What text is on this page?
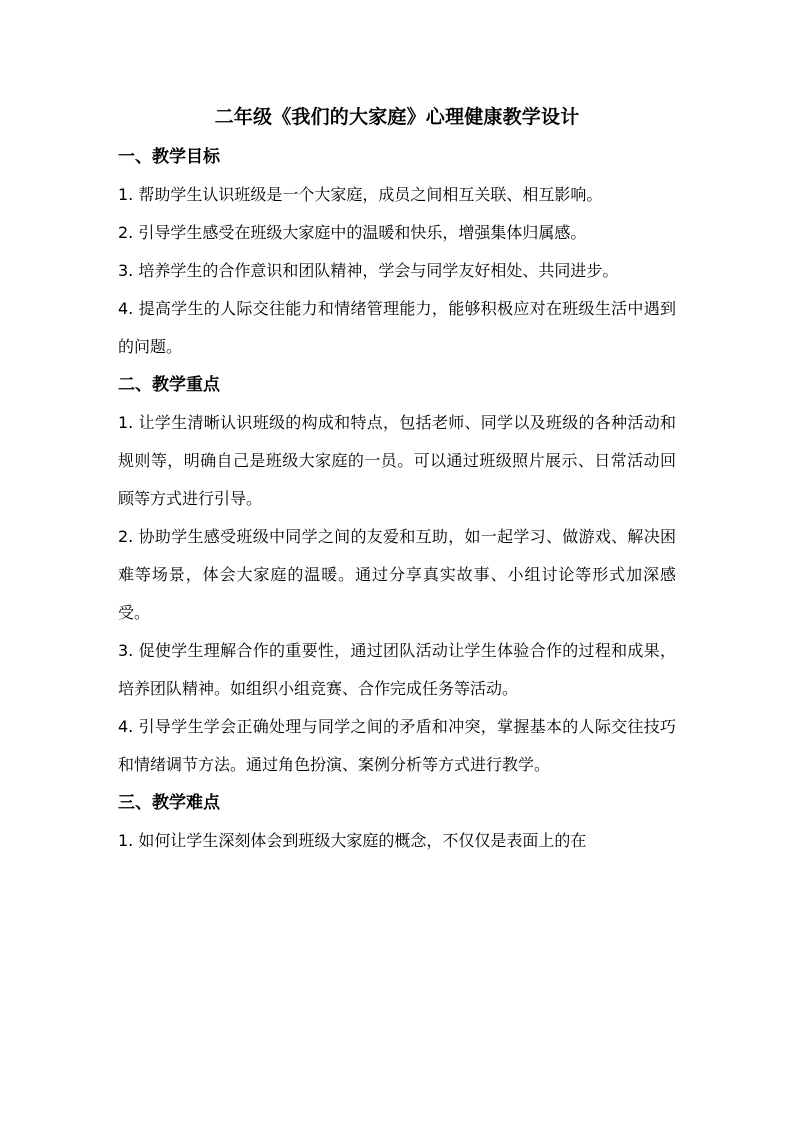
二年级《我们的大家庭》心理健康教学设计
一、教学目标

1. 帮助学生认识班级是一个大家庭，成员之间相互关联、相互影响。

2. 引导学生感受在班级大家庭中的温暖和快乐，增强集体归属感。

3. 培养学生的合作意识和团队精神，学会与同学友好相处、共同进步。

4. 提高学生的人际交往能力和情绪管理能力，能够积极应对在班级生活中遇到的问题。

二、教学重点

1. 让学生清晰认识班级的构成和特点，包括老师、同学以及班级的各种活动和规则等，明确自己是班级大家庭的一员。可以通过班级照片展示、日常活动回顾等方式进行引导。

2. 协助学生感受班级中同学之间的友爱和互助，如一起学习、做游戏、解决困难等场景，体会大家庭的温暖。通过分享真实故事、小组讨论等形式加深感受。

3. 促使学生理解合作的重要性，通过团队活动让学生体验合作的过程和成果，培养团队精神。如组织小组竞赛、合作完成任务等活动。

4. 引导学生学会正确处理与同学之间的矛盾和冲突，掌握基本的人际交往技巧和情绪调节方法。通过角色扮演、案例分析等方式进行教学。

三、教学难点

1. 如何让学生深刻体会到班级大家庭的概念，不仅仅是表面上的在
